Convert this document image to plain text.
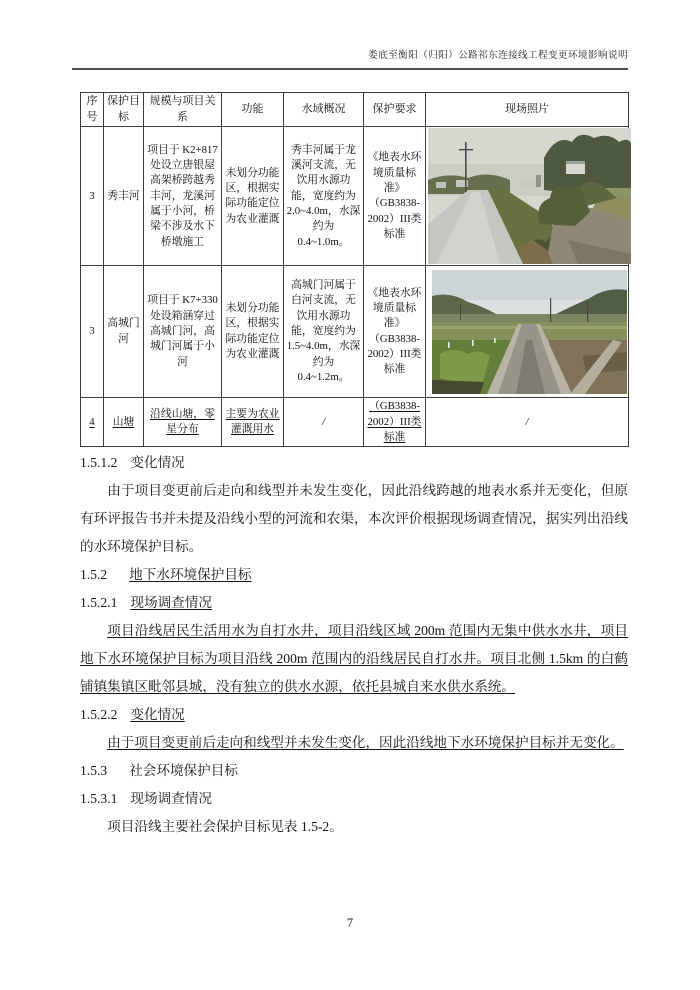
娄底至衡阳（归阳）公路祁东连接线工程变更环境影响说明
序号	保护目标	规模与项目关系	功能	水域概况	保护要求	现场照片
3	秀丰河	项目于 K2+817 处设立唐银屋高架桥跨越秀丰河，龙溪河属于小河，桥梁不涉及水下桥墩施工	未划分功能区，根据实际功能定位为农业灌溉	秀丰河属于龙溪河支流，无饮用水源功能，宽度约为 2.0~4.0m，水深约为 0.4~1.0m。	《地表水环境质量标准》（GB3838-2002）III类标准	

3	高城门河	项目于 K7+330 处设箱涵穿过高城门河，高城门河属于小河	未划分功能区，根据实际功能定位为农业灌溉	高城门河属于白河支流，无饮用水源功能，宽度约为 1.5~4.0m，水深约为 0.4~1.2m。	《地表水环境质量标准》（GB3838-2002）III类标准	

4	山塘	沿线山塘，零星分布	主要为农业灌溉用水	/	（GB3838-2002）III类标准	/
1.5.1.2 变化情况

由于项目变更前后走向和线型并未发生变化，因此沿线跨越的地表水系并无变化，但原有环评报告书并未提及沿线小型的河流和农渠，本次评价根据现场调查情况，据实列出沿线的水环境保护目标。

1.5.2 地下水环境保护目标
1.5.2.1 现场调查情况

项目沿线居民生活用水为自打水井，项目沿线区域 200m 范围内无集中供水水井，项目地下水环境保护目标为项目沿线 200m 范围内的沿线居民自打水井。项目北侧 1.5km 的白鹤铺镇集镇区毗邻县城，没有独立的供水水源，依托县城自来水供水系统。

1.5.2.2 变化情况

由于项目变更前后走向和线型并未发生变化，因此沿线地下水环境保护目标并无变化。

1.5.3 社会环境保护目标
1.5.3.1 现场调查情况

项目沿线主要社会保护目标见表 1.5-2。

7
